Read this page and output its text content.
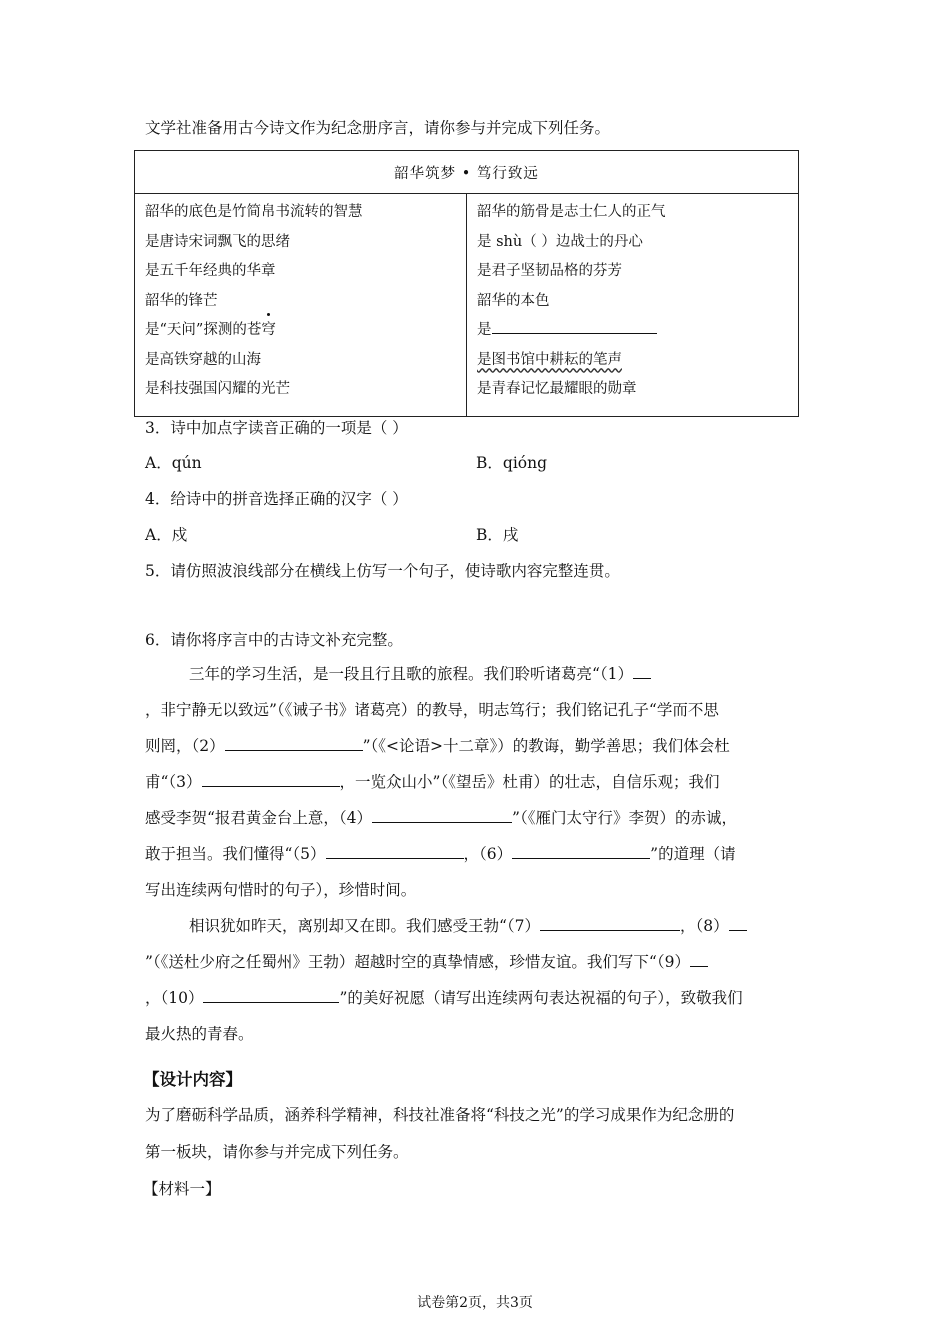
文学社准备用古今诗文作为纪念册序言，请你参与并完成下列任务。
韶华筑梦 • 笃行致远

韶华的底色是竹简帛书流转的智慧
是唐诗宋词飘飞的思绪
是五千年经典的华章
韶华的锋芒
是“天问”探测的苍穹
是高铁穿越的山海
是科技强国闪耀的光芒

韶华的筋骨是志士仁人的正气
是 shù（ ）边战士的丹心
是君子坚韧品格的芬芳
韶华的本色
是
是图书馆中耕耘的笔声
是青春记忆最耀眼的勋章
3．诗中加点字读音正确的一项是（ ）
A．qún	B．qióng
4．给诗中的拼音选择正确的汉字（ ）
A．戍	B．戌
5．请仿照波浪线部分在横线上仿写一个句子，使诗歌内容完整连贯。
6．请你将序言中的古诗文补充完整。
三年的学习生活，是一段且行且歌的旅程。我们聆听诸葛亮“（1）
，非宁静无以致远”（《诫子书》诸葛亮）的教导，明志笃行；我们铭记孔子“学而不思
则罔，（2）	”（《<论语>十二章》）的教诲，勤学善思；我们体会杜
甫“（3）	，一览众山小”（《望岳》杜甫）的壮志，自信乐观；我们
感受李贺“报君黄金台上意，（4）	”（《雁门太守行》李贺）的赤诚，
敢于担当。我们懂得“（5）	，（6）	”的道理（请
写出连续两句惜时的句子），珍惜时间。
相识犹如昨天，离别却又在即。我们感受王勃“（7）	，（8）
”（《送杜少府之任蜀州》王勃）超越时空的真挚情感，珍惜友谊。我们写下“（9）
，（10）	”的美好祝愿（请写出连续两句表达祝福的句子），致敬我们
最火热的青春。
【设计内容】
为了磨砺科学品质，涵养科学精神，科技社准备将“科技之光”的学习成果作为纪念册的
第一板块，请你参与并完成下列任务。
【材料一】
试卷第2页，共3页
